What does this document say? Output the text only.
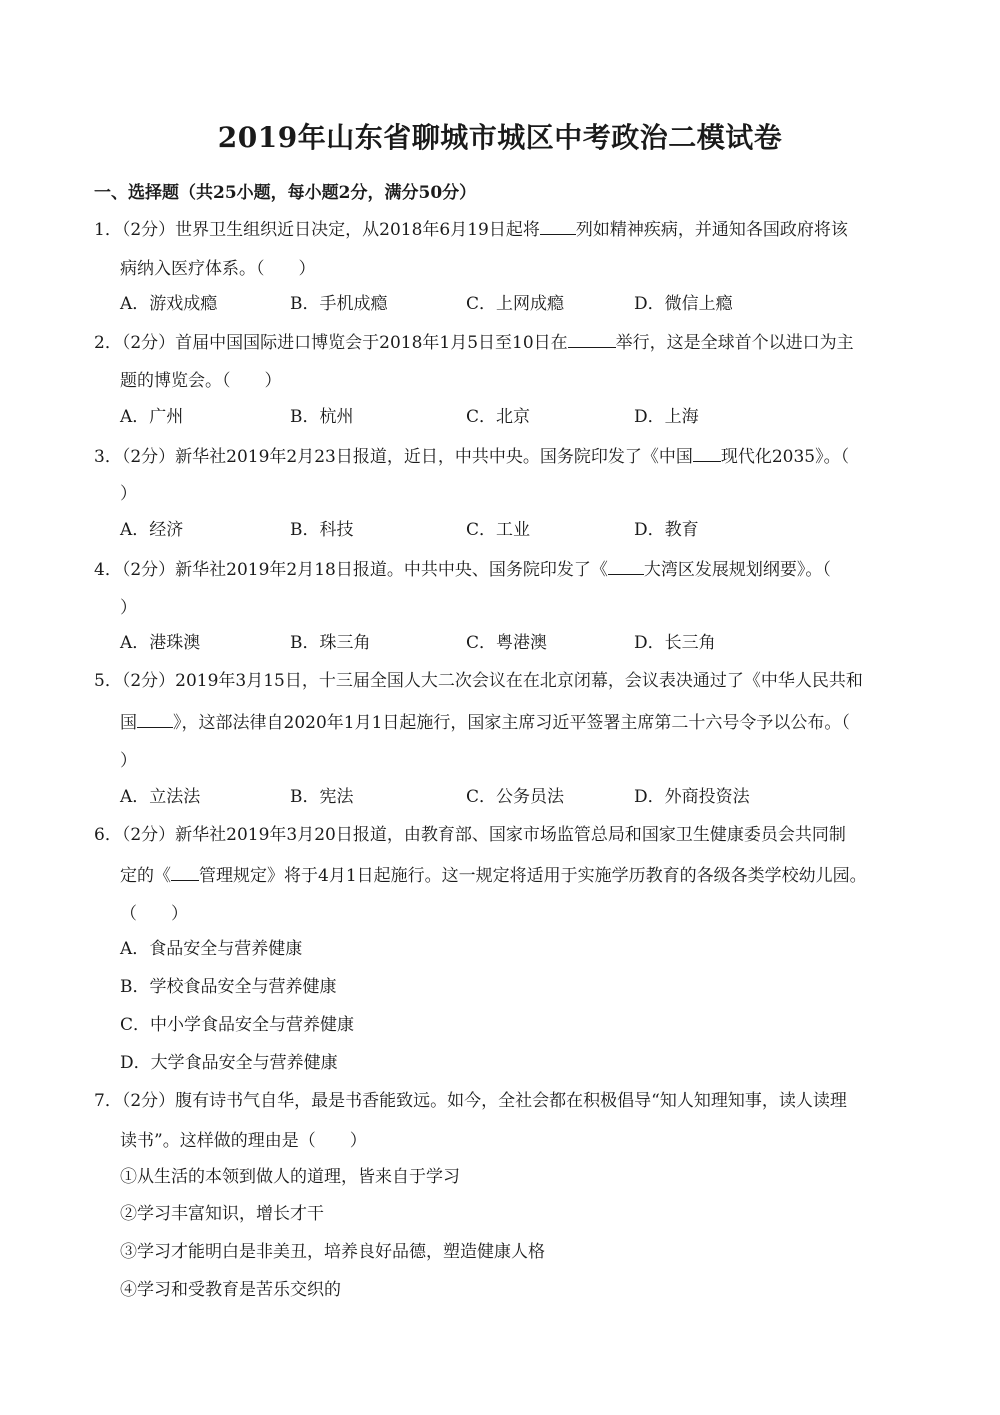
2019年山东省聊城市城区中考政治二模试卷
一、选择题（共25小题，每小题2分，满分50分）
1．（2分）世界卫生组织近日决定，从2018年6月19日起将 列如精神疾病，并通知各国政府将该
病纳入医疗体系。（　　）
A．游戏成瘾	B．手机成瘾	C．上网成瘾	D．微信上瘾
2．（2分）首届中国国际进口博览会于2018年1月5日至10日在	举行，这是全球首个以进口为主
题的博览会。（　　）
A．广州	B．杭州	C．北京	D．上海
3．（2分）新华社2019年2月23日报道，近日，中共中央。国务院印发了《中国 现代化2035》。（
）
A．经济	B．科技	C．工业	D．教育
4．（2分）新华社2019年2月18日报道。中共中央、国务院印发了《 大湾区发展规划纲要》。（
）
A．港珠澳	B．珠三角	C．粤港澳	D．长三角
5．（2分）2019年3月15日，十三届全国人大二次会议在在北京闭幕，会议表决通过了《中华人民共和
国 》，这部法律自2020年1月1日起施行，国家主席习近平签署主席第二十六号令予以公布。（
）
A．立法法	B．宪法	C．公务员法	D．外商投资法
6．（2分）新华社2019年3月20日报道，由教育部、国家市场监管总局和国家卫生健康委员会共同制
定的《 管理规定》将于4月1日起施行。这一规定将适用于实施学历教育的各级各类学校幼儿园。
（　　）
A．食品安全与营养健康
B．学校食品安全与营养健康
C．中小学食品安全与营养健康
D．大学食品安全与营养健康
7．（2分）腹有诗书气自华，最是书香能致远。如今，全社会都在积极倡导“知人知理知事，读人读理
读书”。这样做的理由是（　　）
①从生活的本领到做人的道理，皆来自于学习
②学习丰富知识，增长才干
③学习才能明白是非美丑，培养良好品德，塑造健康人格
④学习和受教育是苦乐交织的
